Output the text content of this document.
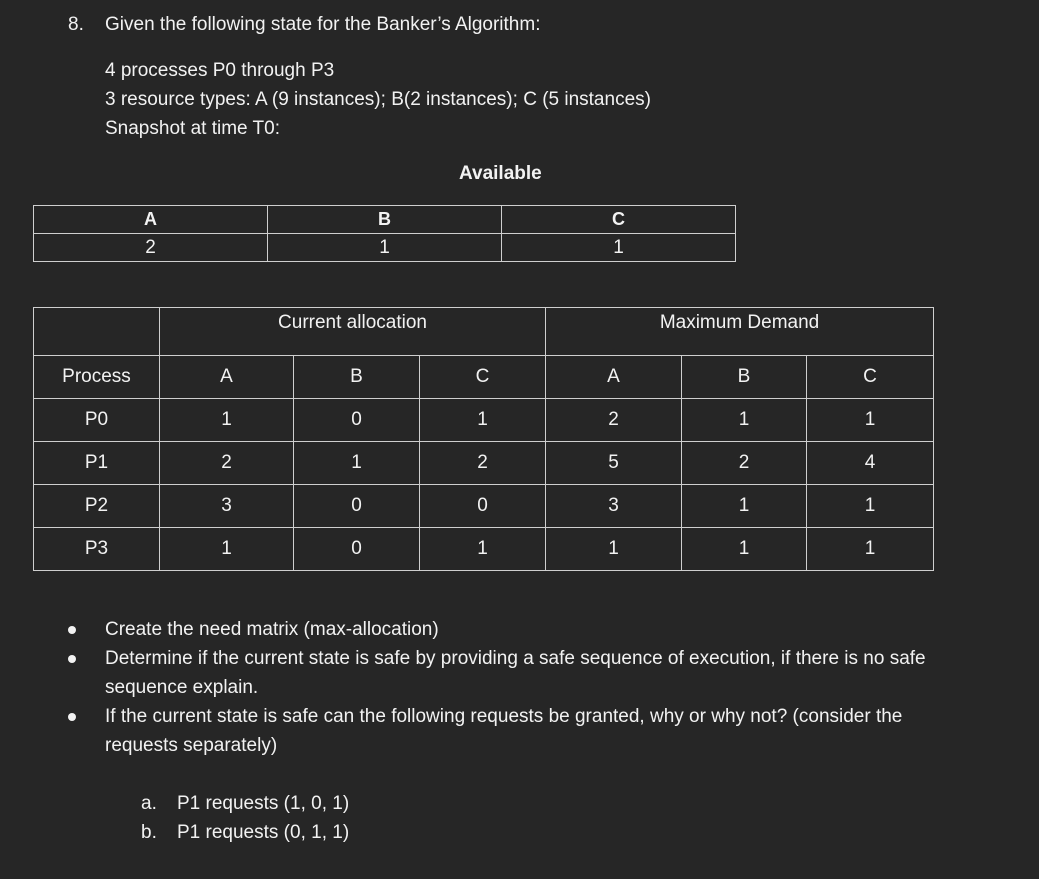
8. Given the following state for the Banker’s Algorithm:
4 processes P0 through P3
3 resource types: A (9 instances); B(2 instances); C (5 instances)
Snapshot at time T0:
Available
A	B	C
2	1	1
	Current allocation			Maximum Demand		
Process	A	B	C	A	B	C
P0	1	0	1	2	1	1
P1	2	1	2	5	2	4
P2	3	0	0	3	1	1
P3	1	0	1	1	1	1
Create the need matrix (max-allocation)
Determine if the current state is safe by providing a safe sequence of execution, if there is no safe sequence explain.
If the current state is safe can the following requests be granted, why or why not? (consider the requests separately)
a. P1 requests (1, 0, 1)
b. P1 requests (0, 1, 1)
